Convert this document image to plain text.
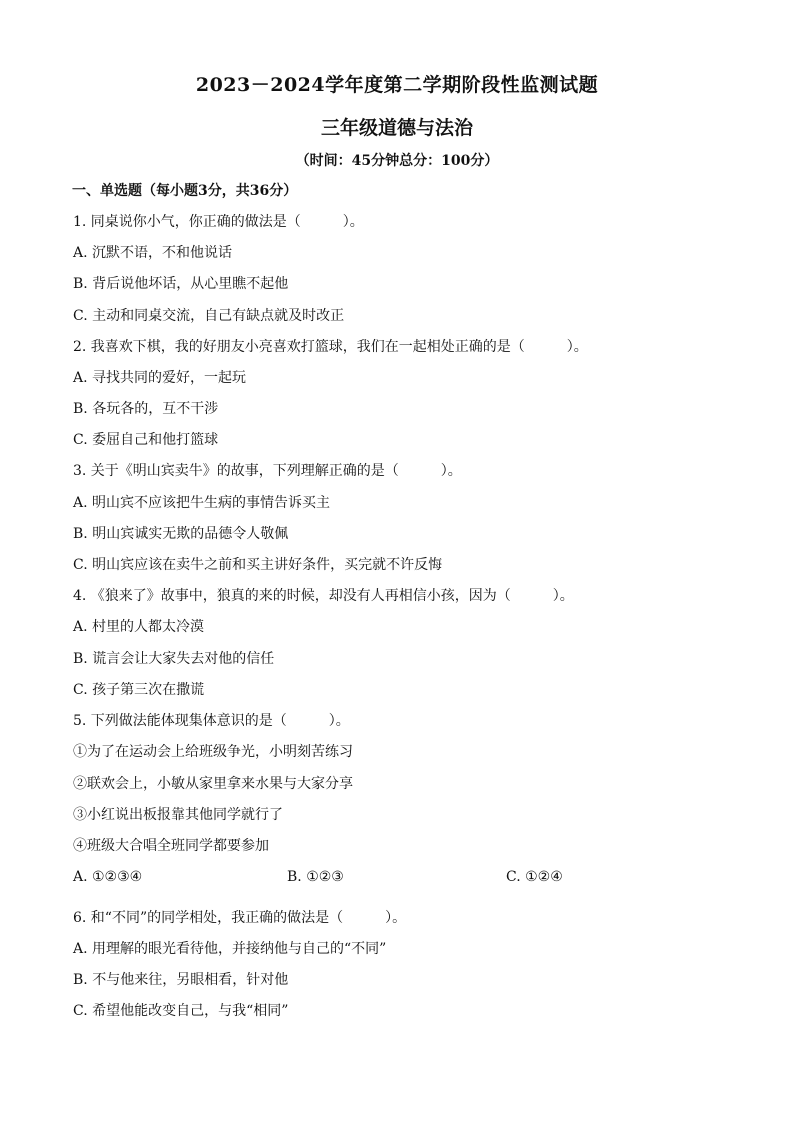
2023－2024学年度第二学期阶段性监测试题
三年级道德与法治
（时间：45分钟总分：100分）
一、单选题（每小题3分，共36分）
1. 同桌说你小气，你正确的做法是（　　　）。
A. 沉默不语，不和他说话
B. 背后说他坏话，从心里瞧不起他
C. 主动和同桌交流，自己有缺点就及时改正
2. 我喜欢下棋，我的好朋友小亮喜欢打篮球，我们在一起相处正确的是（　　　）。
A. 寻找共同的爱好，一起玩
B. 各玩各的，互不干涉
C. 委屈自己和他打篮球
3. 关于《明山宾卖牛》的故事，下列理解正确的是（　　　）。
A. 明山宾不应该把牛生病的事情告诉买主
B. 明山宾诚实无欺的品德令人敬佩
C. 明山宾应该在卖牛之前和买主讲好条件，买完就不许反悔
4. 《狼来了》故事中，狼真的来的时候，却没有人再相信小孩，因为（　　　）。
A. 村里的人都太冷漠
B. 谎言会让大家失去对他的信任
C. 孩子第三次在撒谎
5. 下列做法能体现集体意识的是（　　　）。
①为了在运动会上给班级争光，小明刻苦练习
②联欢会上，小敏从家里拿来水果与大家分享
③小红说出板报靠其他同学就行了
④班级大合唱全班同学都要参加
A. ①②③④	B. ①②③	C. ①②④
6. 和“不同”的同学相处，我正确的做法是（　　　）。
A. 用理解的眼光看待他，并接纳他与自己的“不同”
B. 不与他来往，另眼相看，针对他
C. 希望他能改变自己，与我“相同”
